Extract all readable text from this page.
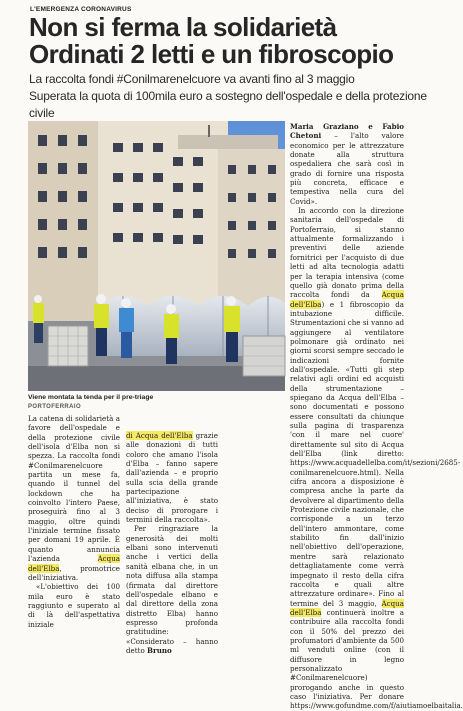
L'EMERGENZA CORONAVIRUS
Non si ferma la solidarietà
Ordinati 2 letti e un fibroscopio
La raccolta fondi #Conilmarenelcuore va avanti fino al 3 maggio
Superata la quota di 100mila euro a sostegno dell'ospedale e della protezione civile
Viene montata la tenda per il pre-triage
PORTOFERRAIO

La catena di solidarietà a favore dell'ospedale e della protezione civile dell'isola d'Elba non si spezza. La raccolta fondi #Conilmarenelcuore partita un mese fa, quando il tunnel del lockdown che ha coinvolto l'intero Paese, proseguirà fino al 3 maggio, oltre quindi l'iniziale termine fissato per domani 19 aprile. È quanto annuncia l'azienda	Acqua dell'Elba, promotrice dell'iniziativa.

«L'obiettivo dei 100 mila euro è stato raggiunto e superato al di là dell'aspettativa iniziale

di Acqua dell'Elba grazie alle donazioni di tutti coloro che amano l'isola d'Elba – fanno sapere dall'azienda – e proprio sulla scia della grande partecipazione all'iniziativa, è stato deciso di prorogare i termini della raccolta».

Per ringraziare la generosità dei molti elbani sono intervenuti anche i vertici della sanità elbana che, in un nota diffusa alla stampa (firmata dal direttore dell'ospedale elbano e dal direttore della zona distretto Elba) hanno espresso profonda gratitudine: «Considerato – hanno detto Bruno

Maria Graziano e Fabio Chetoni – l'alto valore economico per le attrezzature donate alla struttura ospedaliera che sarà così in grado di fornire una risposta più concreta, efficace e tempestiva nella cura del Covid».

In accordo con la direzione sanitaria dell'ospedale di Portoferraio, si stanno attualmente formalizzando i preventivi delle aziende fornitrici per l'acquisto di due letti ad alta tecnologia adatti per la terapia intensiva (come quello già donato prima della raccolta fondi da Acqua dell'Elba) e 1 fibroscopio da intubazione difficile. Strumentazioni che si vanno ad aggiungere al ventilatore polmonare già ordinato nei giorni scorsi sempre seccado le indicazioni fornite dall'ospedale. «Tutti gli step relativi agli ordini ed acquisti della strumentazione – spiegano da Acqua dell'Elba – sono documentati e possono essere consultati da chiunque sulla pagina di trasparenza 'con il mare nel cuore' direttamente sul sito di Acqua dell'Elba (link diretto: https://www.acquadellelba.com/it/sezioni/2685-conilmarenelcuore.html). Nella cifra ancora a disposizione è compresa anche la parte da devolvere al dipartimento della Protezione civile nazionale, che corrisponde a un terzo dell'intero ammontare, come stabilito fin dall'inizio nell'obiettivo dell'operazione, mentre sarà relazionato dettagliatamente come verrà impegnato il resto della cifra raccolta e quali altre attrezzature ordinare». Fino al termine del 3 maggio, Acqua dell'Elba continuerà inoltre a contribuire alla raccolta fondi con il 50% del prezzo dei profumatori d'ambiente da 500 ml venduti online (con il diffusore in legno personalizzato #Conilmarenelcuore) prorogando anche in questo caso l'iniziativa. Per donare https://www.gofundme.com/f/aiutiamoelbaitalia.
